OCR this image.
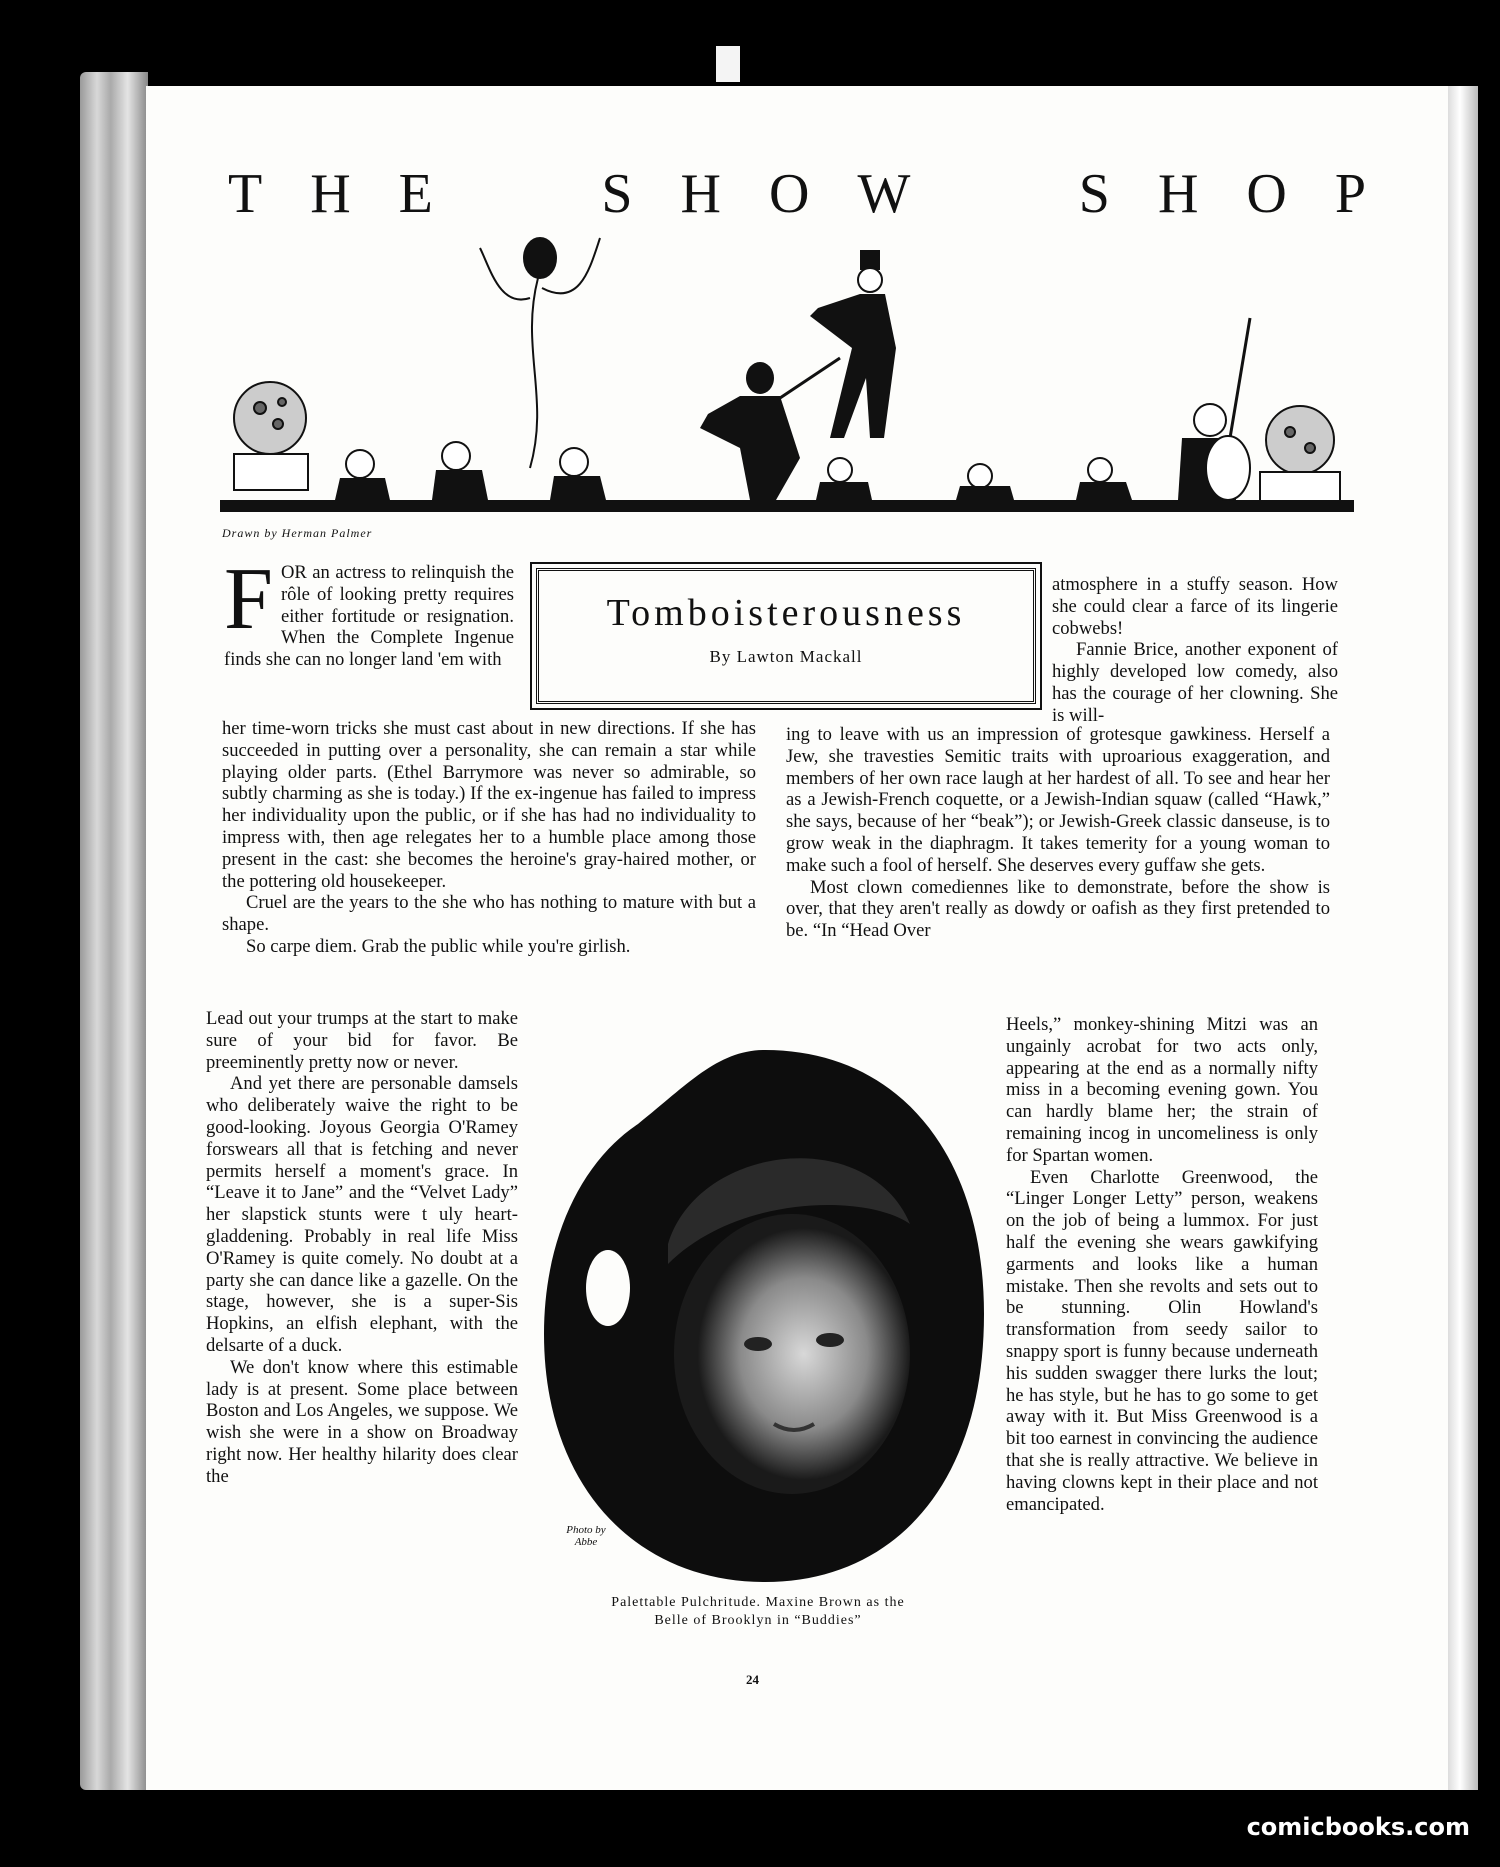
T H E	S H O W	S H O P
Drawn by Herman Palmer
F OR an actress to relinquish the rôle of looking pretty requires either fortitude or resignation. When the Complete Ingenue finds she can no longer land 'em with

Tomboisterousness
By Lawton Mackall

atmosphere in a stuffy season. How she could clear a farce of its lingerie cobwebs!

Fannie Brice, another exponent of highly developed low comedy, also has the courage of her clowning. She is will-

her time-worn tricks she must cast about in new directions. If she has succeeded in putting over a personality, she can remain a star while playing older parts. (Ethel Barrymore was never so admirable, so subtly charming as she is today.) If the ex-ingenue has failed to impress her individuality upon the public, or if she has had no individuality to impress with, then age relegates her to a humble place among those present in the cast: she becomes the heroine's gray-haired mother, or the pottering old housekeeper.

Cruel are the years to the she who has nothing to mature with but a shape.

So carpe diem. Grab the public while you're girlish.

ing to leave with us an impression of grotesque gawkiness. Herself a Jew, she travesties Semitic traits with uproarious exaggeration, and members of her own race laugh at her hardest of all. To see and hear her as a Jewish-French coquette, or a Jewish-Indian squaw (called “Hawk,” she says, because of her “beak”); or Jewish-Greek classic danseuse, is to grow weak in the diaphragm. It takes temerity for a young woman to make such a fool of herself. She deserves every guffaw she gets.

Most clown comediennes like to demonstrate, before the show is over, that they aren't really as dowdy or oafish as they first pretended to be. “In “Head Over

Lead out your trumps at the start to make sure of your bid for favor. Be preeminently pretty now or never.

And yet there are personable damsels who deliberately waive the right to be good-looking. Joyous Georgia O'Ramey forswears all that is fetching and never permits herself a moment's grace. In “Leave it to Jane” and the “Velvet Lady” her slapstick stunts were t uly heart-gladdening. Probably in real life Miss O'Ramey is quite comely. No doubt at a party she can dance like a gazelle. On the stage, however, she is a super-Sis Hopkins, an elfish elephant, with the delsarte of a duck.

We don't know where this estimable lady is at present. Some place between Boston and Los Angeles, we suppose. We wish she were in a show on Broadway right now. Her healthy hilarity does clear the

Heels,” monkey-shining Mitzi was an ungainly acrobat for two acts only, appearing at the end as a normally nifty miss in a becoming evening gown. You can hardly blame her; the strain of remaining incog in uncomeliness is only for Spartan women.

Even Charlotte Greenwood, the “Linger Longer Letty” person, weakens on the job of being a lummox. For just half the evening she wears gawkifying garments and looks like a human mistake. Then she revolts and sets out to be stunning. Olin Howland's transformation from seedy sailor to snappy sport is funny because underneath his sudden swagger there lurks the lout; he has style, but he has to go some to get away with it. But Miss Greenwood is a bit too earnest in convincing the audience that she is really attractive. We believe in having clowns kept in their place and not emancipated.

Photo by Abbe
Palettable Pulchritude. Maxine Brown as the
Belle of Brooklyn in “Buddies”
24
comicbooks.com
